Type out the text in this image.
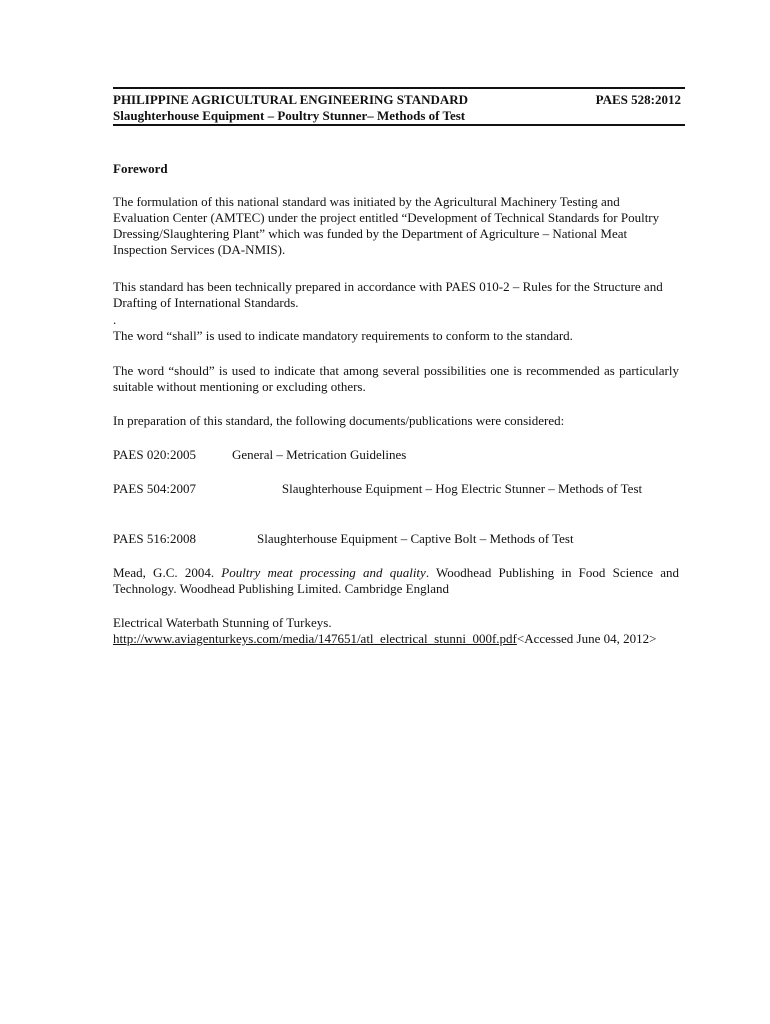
PHILIPPINE AGRICULTURAL ENGINEERING STANDARD	PAES 528:2012
Slaughterhouse Equipment – Poultry Stunner– Methods of Test
Foreword
The formulation of this national standard was initiated by the Agricultural Machinery Testing and Evaluation Center (AMTEC) under the project entitled “Development of Technical Standards for Poultry Dressing/Slaughtering Plant” which was funded by the Department of Agriculture – National Meat Inspection Services (DA-NMIS).
This standard has been technically prepared in accordance with PAES 010-2 – Rules for the Structure and Drafting of International Standards.
.
The word “shall” is used to indicate mandatory requirements to conform to the standard.
The word “should” is used to indicate that among several possibilities one is recommended as particularly suitable without mentioning or excluding others.
In preparation of this standard, the following documents/publications were considered:
PAES 020:2005	General – Metrication Guidelines
PAES 504:2007	Slaughterhouse Equipment – Hog Electric Stunner – Methods of Test
PAES 516:2008	Slaughterhouse Equipment – Captive Bolt – Methods of Test
Mead, G.C. 2004. Poultry meat processing and quality. Woodhead Publishing in Food Science and Technology. Woodhead Publishing Limited. Cambridge England
Electrical Waterbath Stunning of Turkeys.
http://www.aviagenturkeys.com/media/147651/atl_electrical_stunni_000f.pdf<Accessed June 04, 2012>
